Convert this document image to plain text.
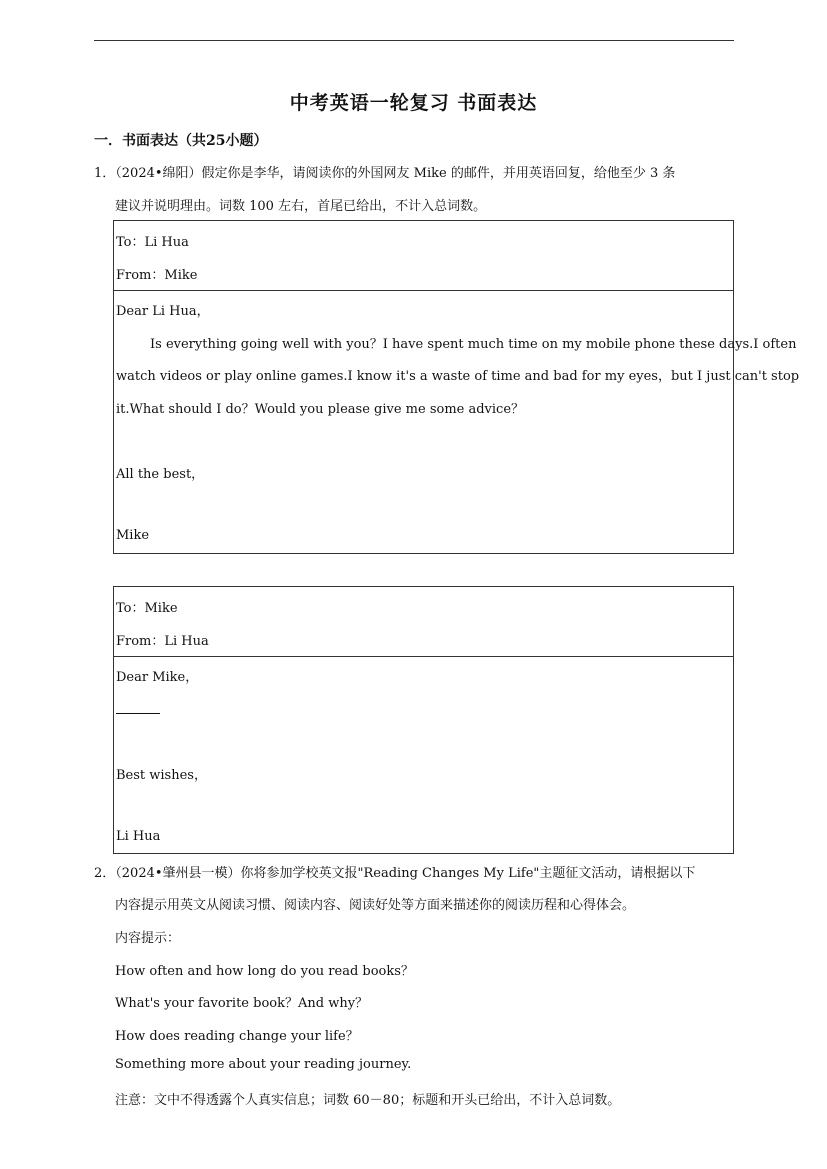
中考英语一轮复习 书面表达
一．书面表达（共25小题）
1．（2024•绵阳）假定你是李华，请阅读你的外国网友 Mike 的邮件，并用英语回复，给他至少 3 条
建议并说明理由。词数 100 左右，首尾已给出，不计入总词数。
To：Li Hua
From：Mike
Dear Li Hua，
Is everything going well with you？I have spent much time on my mobile phone these days.I often
watch videos or play online games.I know it's a waste of time and bad for my eyes，but I just can't stop
it.What should I do？Would you please give me some advice？
All the best，
Mike
To：Mike
From：Li Hua
Dear Mike，
Best wishes，
Li Hua
2．（2024•肇州县一模）你将参加学校英文报"Reading Changes My Life"主题征文活动，请根据以下
内容提示用英文从阅读习惯、阅读内容、阅读好处等方面来描述你的阅读历程和心得体会。
内容提示：
How often and how long do you read books？
What's your favorite book？And why？
How does reading change your life？
Something more about your reading journey.
注意：文中不得透露个人真实信息；词数 60－80；标题和开头已给出，不计入总词数。
